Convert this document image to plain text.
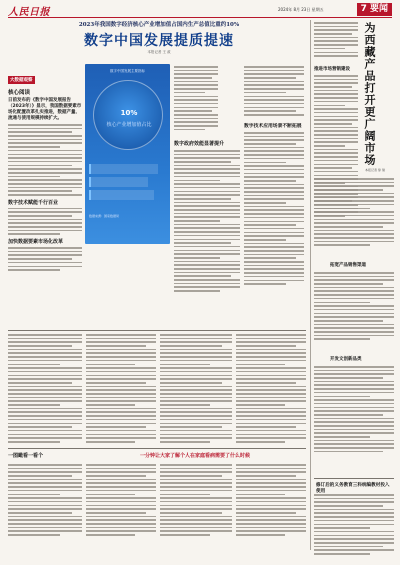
人民日报	2024年 8月 23日 星期五	7 要闻
2023年我国数字经济核心产业增加值占国内生产总值比重约10%
数字中国发展提质提速
本报记者 王 政
大数据观察
核心阅读
日前发布的《数字中国发展报告（2023年）》显示，我国数据要素市场化配置改革扎实推进，数据产量、流通与使用规模持续扩大。
数字技术赋能千行百业
加快数据要素市场化改革
数字中国发展主要指标
10%
核心产业增加值占比
数据来源：国家数据局
数字政府效能显著提升
数字技术应用场景不断拓展
推进市场营销建设	为西藏产品打开更广阔市场
本报记者 徐 驰
拓宽产品销售渠道
开发文创新品类
修订后的义务教育三科统编教材投入使用
一图瞰看一看个	一分钟让大家了解个人在家庭看病需要了什么时候
